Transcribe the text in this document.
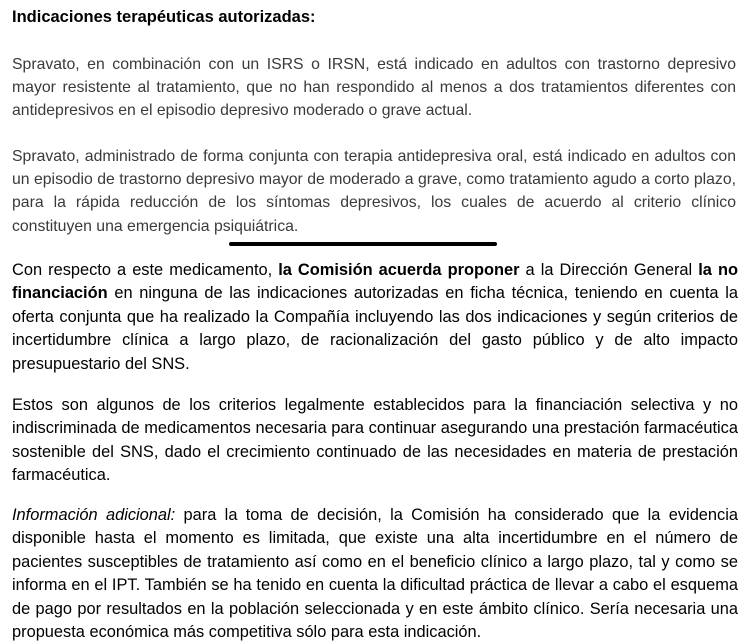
Indicaciones terapéuticas autorizadas:

Spravato, en combinación con un ISRS o IRSN, está indicado en adultos con trastorno depresivo mayor resistente al tratamiento, que no han respondido al menos a dos tratamientos diferentes con antidepresivos en el episodio depresivo moderado o grave actual.

Spravato, administrado de forma conjunta con terapia antidepresiva oral, está indicado en adultos con un episodio de trastorno depresivo mayor de moderado a grave, como tratamiento agudo a corto plazo, para la rápida reducción de los síntomas depresivos, los cuales de acuerdo al criterio clínico constituyen una emergencia psiquiátrica.

Con respecto a este medicamento, la Comisión acuerda proponer a la Dirección General la no financiación en ninguna de las indicaciones autorizadas en ficha técnica, teniendo en cuenta la oferta conjunta que ha realizado la Compañía incluyendo las dos indicaciones y según criterios de incertidumbre clínica a largo plazo, de racionalización del gasto público y de alto impacto presupuestario del SNS.

Estos son algunos de los criterios legalmente establecidos para la financiación selectiva y no indiscriminada de medicamentos necesaria para continuar asegurando una prestación farmacéutica sostenible del SNS, dado el crecimiento continuado de las necesidades en materia de prestación farmacéutica.

Información adicional: para la toma de decisión, la Comisión ha considerado que la evidencia disponible hasta el momento es limitada, que existe una alta incertidumbre en el número de pacientes susceptibles de tratamiento así como en el beneficio clínico a largo plazo, tal y como se informa en el IPT. También se ha tenido en cuenta la dificultad práctica de llevar a cabo el esquema de pago por resultados en la población seleccionada y en este ámbito clínico. Sería necesaria una propuesta económica más competitiva sólo para esta indicación.
